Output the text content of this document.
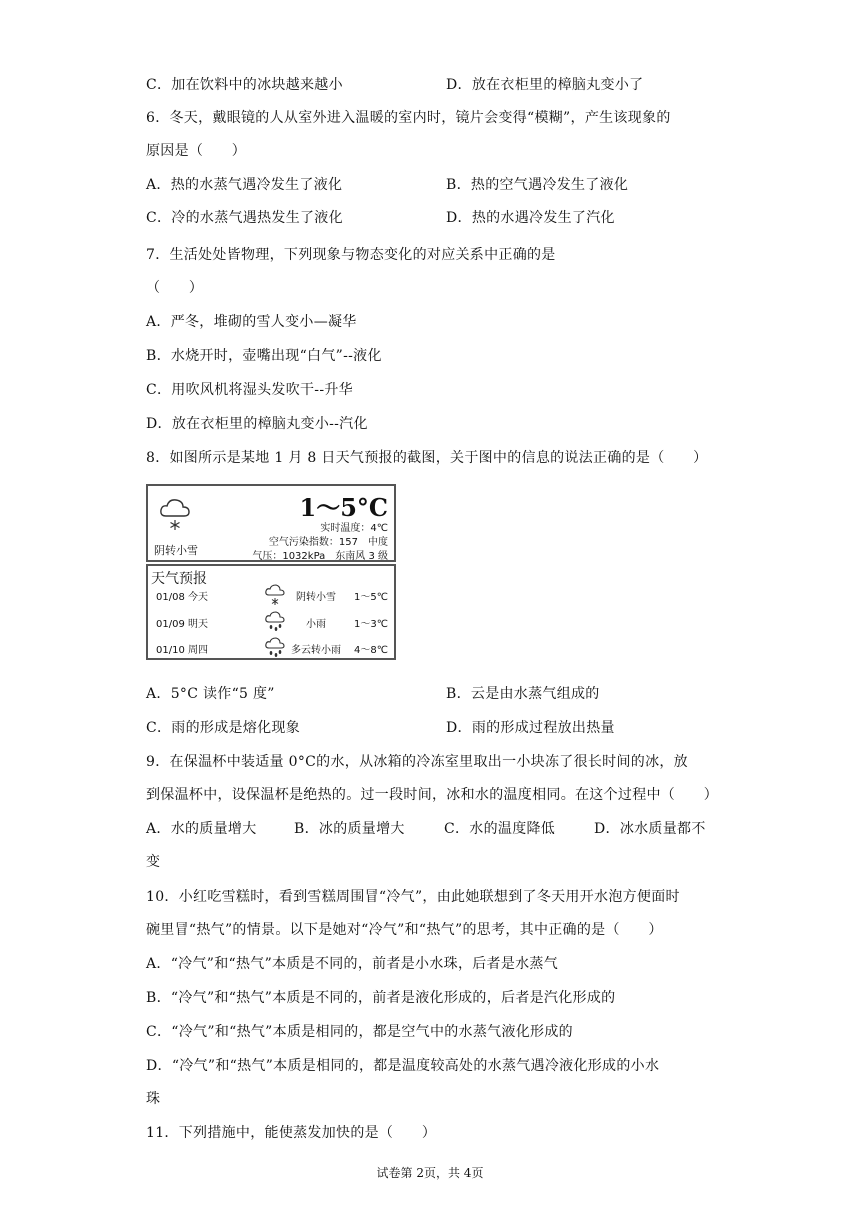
C．加在饮料中的冰块越来越小	D．放在衣柜里的樟脑丸变小了
6．冬天，戴眼镜的人从室外进入温暖的室内时，镜片会变得“模糊”，产生该现象的
原因是（　　）
A．热的水蒸气遇冷发生了液化	B．热的空气遇冷发生了液化
C．冷的水蒸气遇热发生了液化	D．热的水遇冷发生了汽化
7．生活处处皆物理，下列现象与物态变化的对应关系中正确的是
（　　）
A．严冬，堆砌的雪人变小—凝华
B．水烧开时，壶嘴出现“白气”--液化
C．用吹风机将湿头发吹干--升华
D．放在衣柜里的樟脑丸变小--汽化
8．如图所示是某地 1 月 8 日天气预报的截图，关于图中的信息的说法正确的是（　　）
阴转小雪
1～5°C
实时温度：4℃
空气污染指数：157　中度
气压：1032kPa　东南风 3 级
天气预报
01/08 今天	阴转小雪	1～5℃
01/09 明天	小雨	1～3℃
01/10 周四	多云转小雨	4～8℃
A．5°C 读作“5 度”	B．云是由水蒸气组成的
C．雨的形成是熔化现象	D．雨的形成过程放出热量
9．在保温杯中装适量 0°C的水，从冰箱的冷冻室里取出一小块冻了很长时间的冰，放
到保温杯中，设保温杯是绝热的。过一段时间，冰和水的温度相同。在这个过程中（　　）
A．水的质量增大	B．冰的质量增大	C．水的温度降低	D．冰水质量都不
变
10．小红吃雪糕时，看到雪糕周围冒“冷气”，由此她联想到了冬天用开水泡方便面时
碗里冒“热气”的情景。以下是她对“冷气”和“热气”的思考，其中正确的是（　　）
A．“冷气”和“热气”本质是不同的，前者是小水珠，后者是水蒸气
B．“冷气”和“热气”本质是不同的，前者是液化形成的，后者是汽化形成的
C．“冷气”和“热气”本质是相同的，都是空气中的水蒸气液化形成的
D．“冷气”和“热气”本质是相同的，都是温度较高处的水蒸气遇冷液化形成的小水
珠
11．下列措施中，能使蒸发加快的是（　　）
试卷第 2页，共 4页
